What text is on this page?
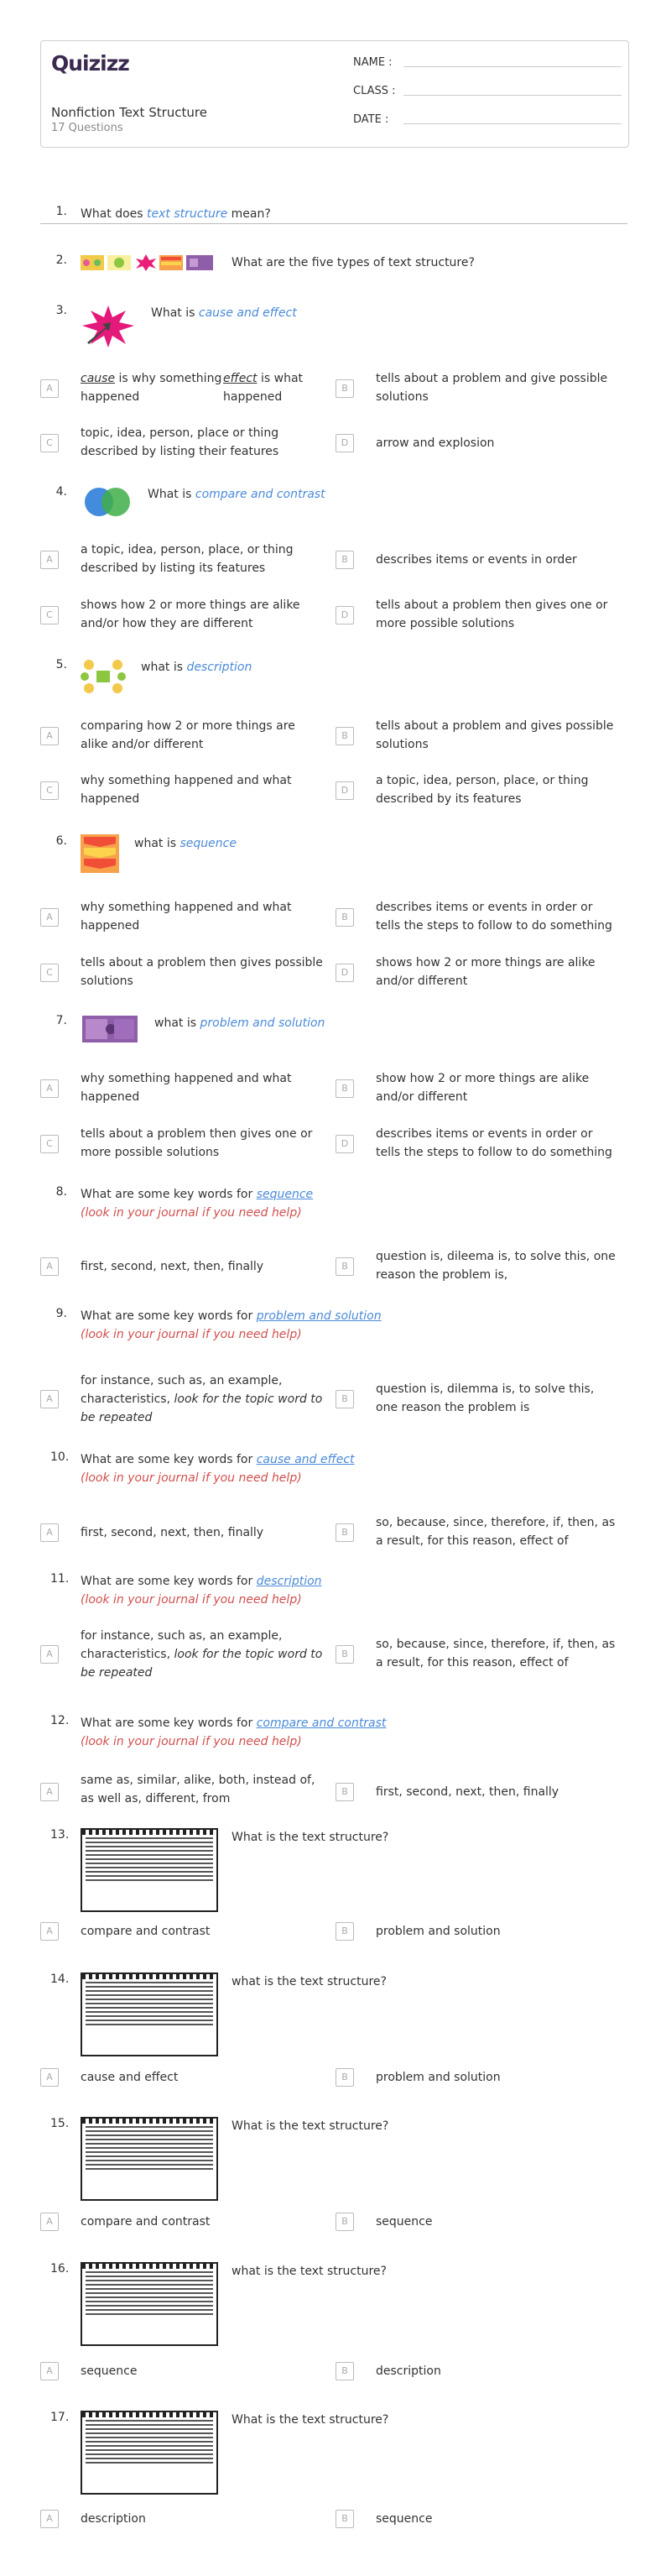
Quizizz
Nonfiction Text Structure
17 Questions
NAME :
CLASS :
DATE :
1. What does text structure mean?
2.	What are the five types of text structure?
3.	What is cause and effect
A
cause is why something happenedeffect is what happened
B
tells about a problem and give possible solutions
C
topic, idea, person, place or thing described by listing their features
D	arrow and explosion
4.	What is compare and contrast
A
a topic, idea, person, place, or thing described by listing its features
B	describes items or events in order
C
shows how 2 or more things are alike and/or how they are different
D
tells about a problem then gives one or more possible solutions
5.	what is description
A
comparing how 2 or more things are alike and/or different
B
tells about a problem and gives possible solutions
C
why something happened and what happened
D
a topic, idea, person, place, or thing described by its features
6.	what is sequence
A
why something happened and what happened
B
describes items or events in order or tells the steps to follow to do something
C
tells about a problem then gives possible solutions
D
shows how 2 or more things are alike and/or different
7.	what is problem and solution
A
why something happened and what happened
B
show how 2 or more things are alike and/or different
C
tells about a problem then gives one or more possible solutions
D
describes items or events in order or tells the steps to follow to do something
8. What are some key words for sequence
(look in your journal if you need help)
A	first, second, next, then, finally	B
question is, dileema is, to solve this, one reason the problem is,
9. What are some key words for problem and solution
(look in your journal if you need help)
A
for instance, such as, an example, characteristics, look for the topic word to be repeated
B
question is, dilemma is, to solve this, one reason the problem is
10. What are some key words for cause and effect
(look in your journal if you need help)
A	first, second, next, then, finally	B
so, because, since, therefore, if, then, as a result, for this reason, effect of
11. What are some key words for description
(look in your journal if you need help)
A
for instance, such as, an example, characteristics, look for the topic word to be repeated
B
so, because, since, therefore, if, then, as a result, for this reason, effect of
12. What are some key words for compare and contrast
(look in your journal if you need help)
A
same as, similar, alike, both, instead of, as well as, different, from
B	first, second, next, then, finally
13.	What is the text structure?
A	compare and contrast	B	problem and solution
14.	what is the text structure?
A	cause and effect	B	problem and solution
15.	What is the text structure?
A	compare and contrast	B	sequence
16.	what is the text structure?
A	sequence	B	description
17.	What is the text structure?
A	description	B	sequence
